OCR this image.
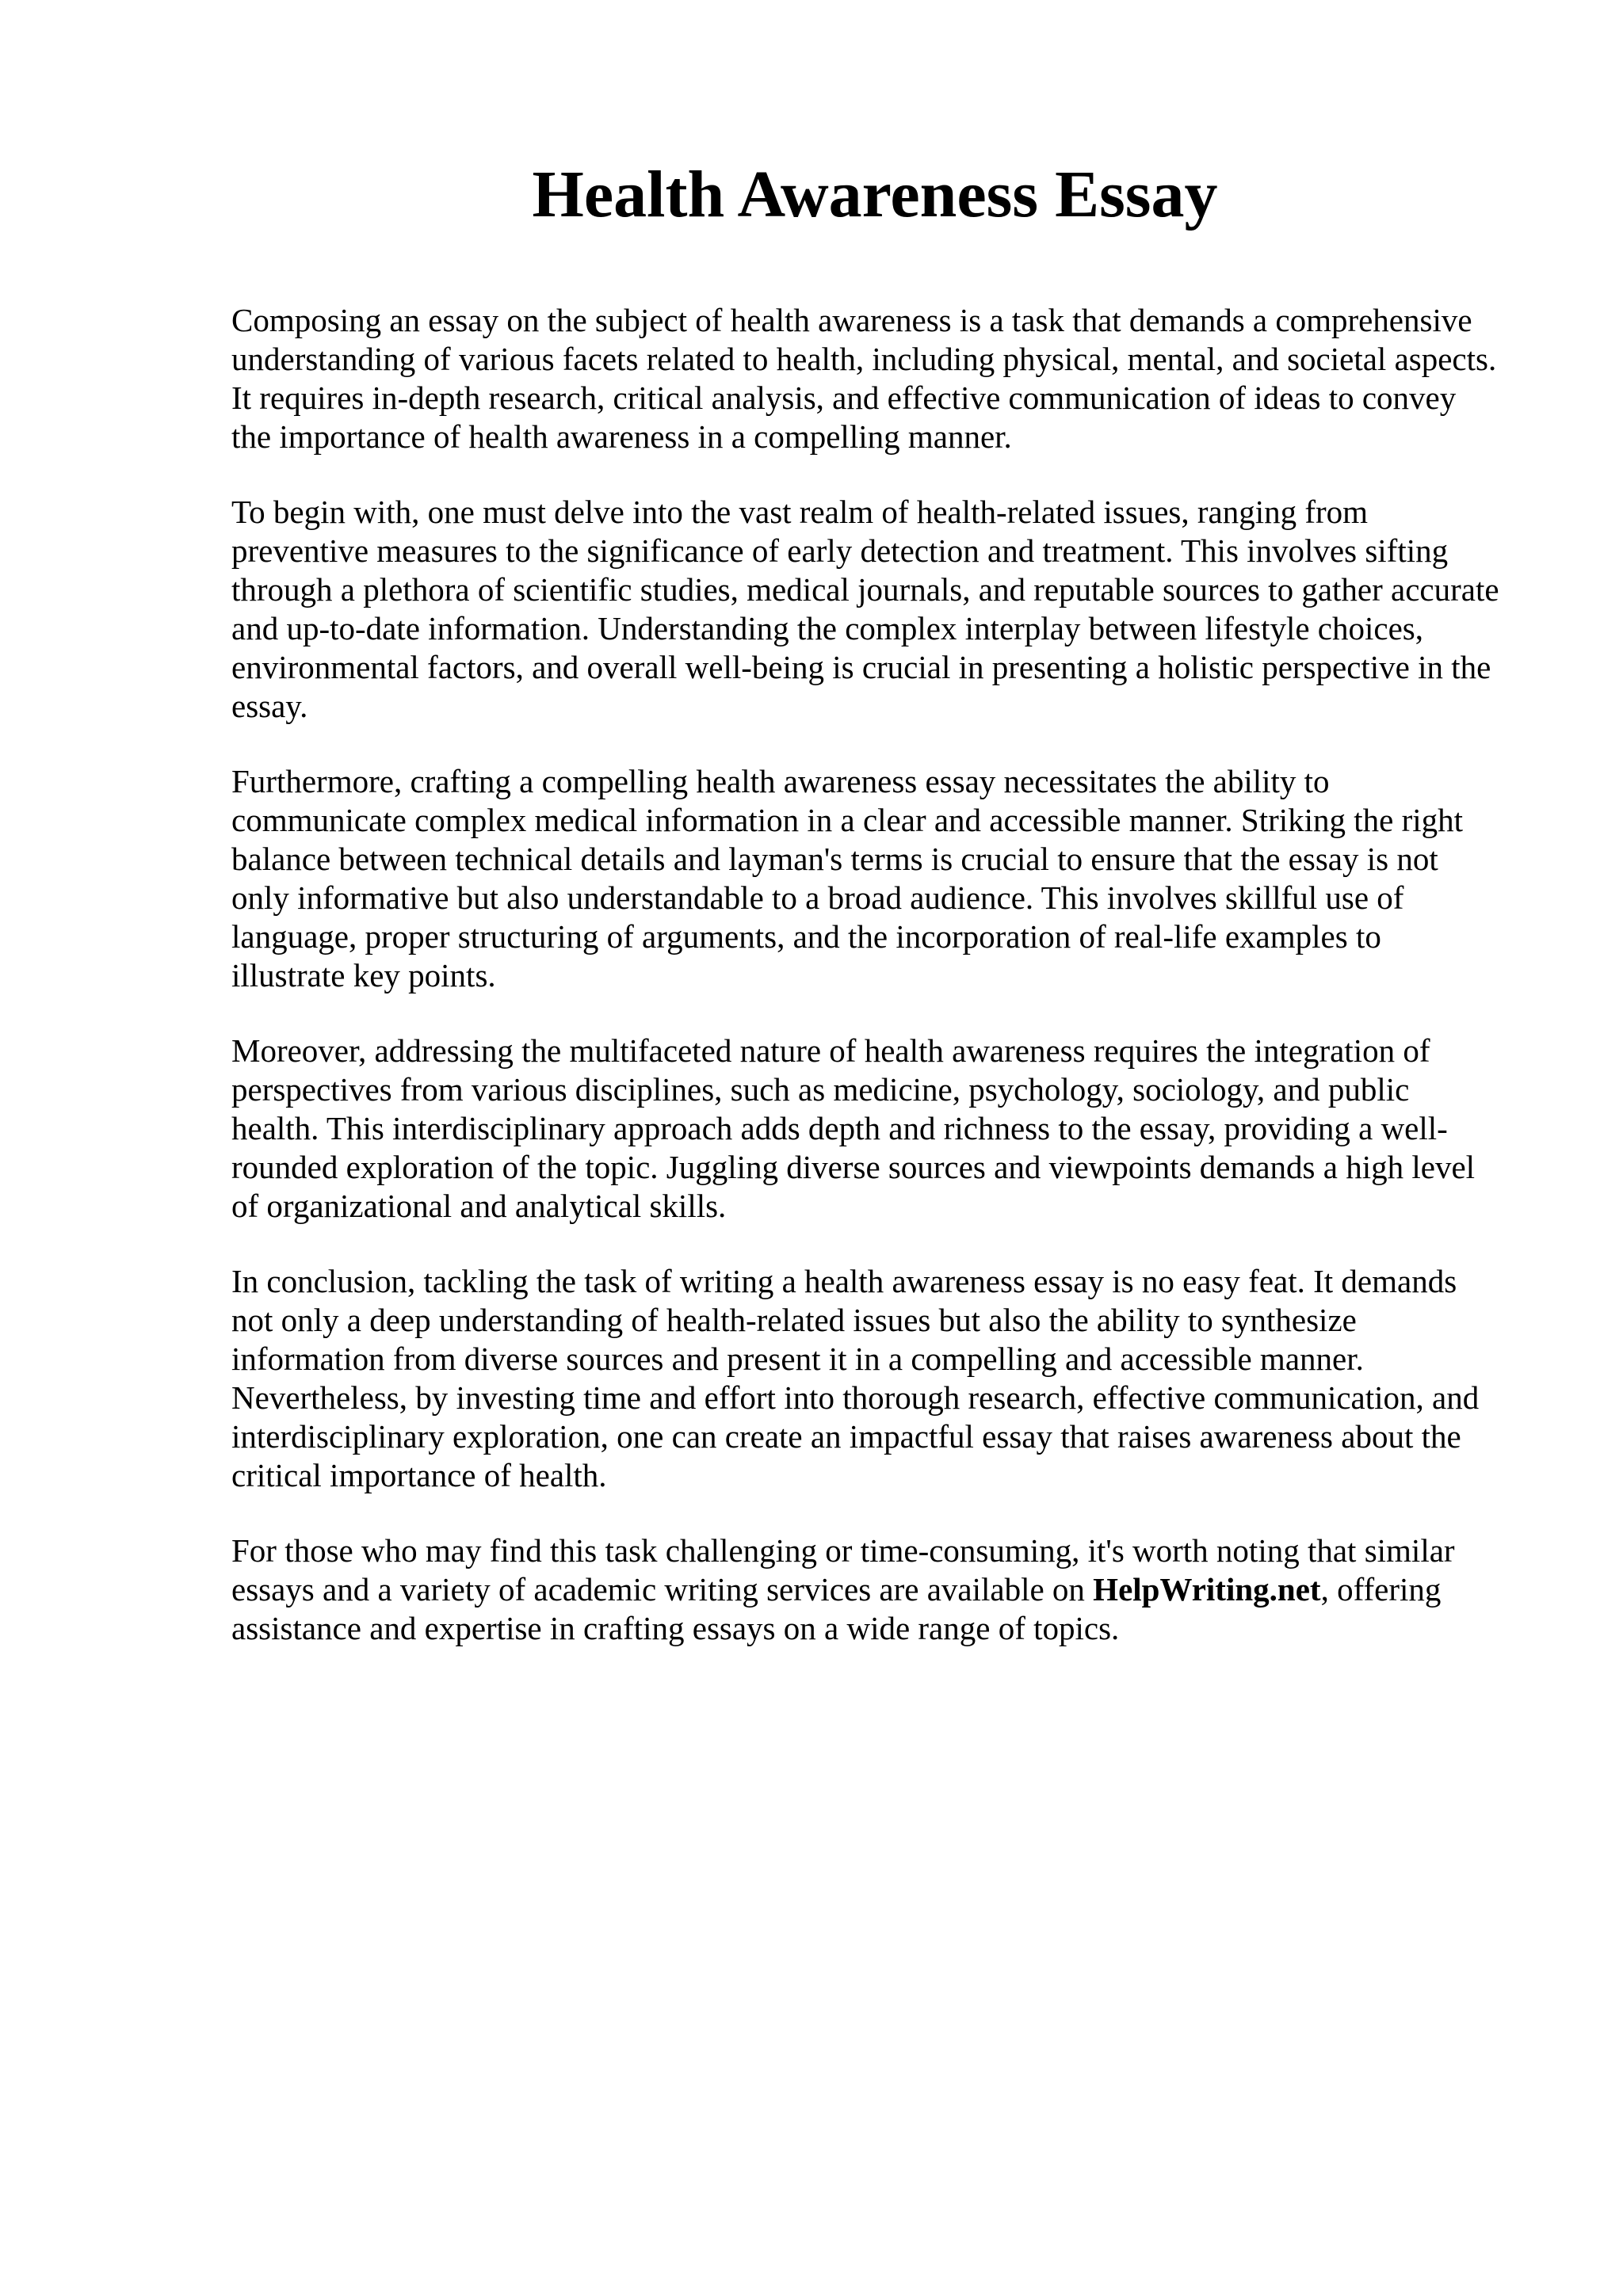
Health Awareness Essay

Composing an essay on the subject of health awareness is a task that demands a comprehensive understanding of various facets related to health, including physical, mental, and societal aspects. It requires in-depth research, critical analysis, and effective communication of ideas to convey the importance of health awareness in a compelling manner.

To begin with, one must delve into the vast realm of health-related issues, ranging from preventive measures to the significance of early detection and treatment. This involves sifting through a plethora of scientific studies, medical journals, and reputable sources to gather accurate and up-to-date information. Understanding the complex interplay between lifestyle choices, environmental factors, and overall well-being is crucial in presenting a holistic perspective in the essay.

Furthermore, crafting a compelling health awareness essay necessitates the ability to communicate complex medical information in a clear and accessible manner. Striking the right balance between technical details and layman's terms is crucial to ensure that the essay is not only informative but also understandable to a broad audience. This involves skillful use of language, proper structuring of arguments, and the incorporation of real-life examples to illustrate key points.

Moreover, addressing the multifaceted nature of health awareness requires the integration of perspectives from various disciplines, such as medicine, psychology, sociology, and public health. This interdisciplinary approach adds depth and richness to the essay, providing a well-rounded exploration of the topic. Juggling diverse sources and viewpoints demands a high level of organizational and analytical skills.

In conclusion, tackling the task of writing a health awareness essay is no easy feat. It demands not only a deep understanding of health-related issues but also the ability to synthesize information from diverse sources and present it in a compelling and accessible manner. Nevertheless, by investing time and effort into thorough research, effective communication, and interdisciplinary exploration, one can create an impactful essay that raises awareness about the critical importance of health.

For those who may find this task challenging or time-consuming, it's worth noting that similar essays and a variety of academic writing services are available on HelpWriting.net, offering assistance and expertise in crafting essays on a wide range of topics.
